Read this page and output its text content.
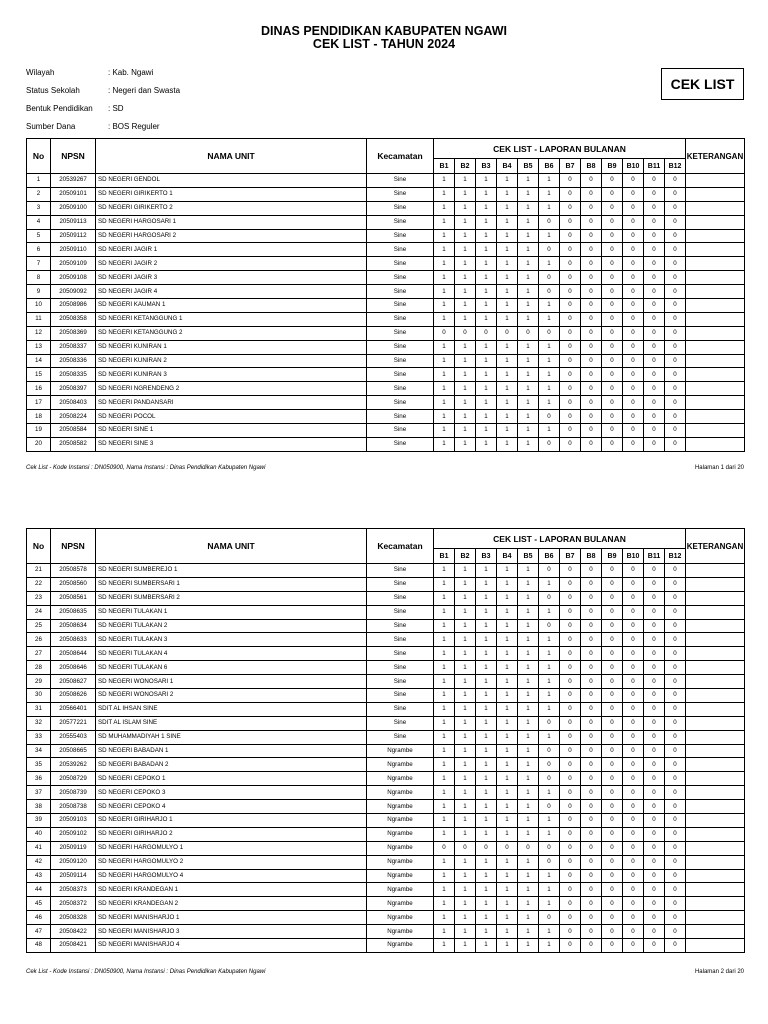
DINAS PENDIDIKAN KABUPATEN NGAWI
CEK LIST - TAHUN 2024
Wilayah	: Kab. Ngawi
Status Sekolah	: Negeri dan Swasta
Bentuk Pendidikan	: SD
Sumber Dana	: BOS Reguler
CEK LIST
No	NPSN	NAMA UNIT	Kecamatan	CEK LIST - LAPORAN BULANAN												KETERANGAN
				B1	B2	B3	B4	B5	B6	B7	B8	B9	B10	B11	B12	
1	20539267	SD NEGERI GENDOL	Sine	1	1	1	1	1	1	0	0	0	0	0	0	
2	20509101	SD NEGERI GIRIKERTO 1	Sine	1	1	1	1	1	1	0	0	0	0	0	0	
3	20509100	SD NEGERI GIRIKERTO 2	Sine	1	1	1	1	1	1	0	0	0	0	0	0	
4	20509113	SD NEGERI HARGOSARI 1	Sine	1	1	1	1	1	0	0	0	0	0	0	0	
5	20509112	SD NEGERI HARGOSARI 2	Sine	1	1	1	1	1	1	0	0	0	0	0	0	
6	20509110	SD NEGERI JAGIR 1	Sine	1	1	1	1	1	0	0	0	0	0	0	0	
7	20509109	SD NEGERI JAGIR 2	Sine	1	1	1	1	1	1	0	0	0	0	0	0	
8	20509108	SD NEGERI JAGIR 3	Sine	1	1	1	1	1	0	0	0	0	0	0	0	
9	20509092	SD NEGERI JAGIR 4	Sine	1	1	1	1	1	0	0	0	0	0	0	0	
10	20508986	SD NEGERI KAUMAN 1	Sine	1	1	1	1	1	1	0	0	0	0	0	0	
11	20508358	SD NEGERI KETANGGUNG 1	Sine	1	1	1	1	1	1	0	0	0	0	0	0	
12	20508369	SD NEGERI KETANGGUNG 2	Sine	0	0	0	0	0	0	0	0	0	0	0	0	
13	20508337	SD NEGERI KUNIRAN 1	Sine	1	1	1	1	1	1	0	0	0	0	0	0	
14	20508336	SD NEGERI KUNIRAN 2	Sine	1	1	1	1	1	1	0	0	0	0	0	0	
15	20508335	SD NEGERI KUNIRAN 3	Sine	1	1	1	1	1	1	0	0	0	0	0	0	
16	20508397	SD NEGERI NGRENDENG 2	Sine	1	1	1	1	1	1	0	0	0	0	0	0	
17	20508403	SD NEGERI PANDANSARI	Sine	1	1	1	1	1	1	0	0	0	0	0	0	
18	20508224	SD NEGERI POCOL	Sine	1	1	1	1	1	0	0	0	0	0	0	0	
19	20508584	SD NEGERI SINE 1	Sine	1	1	1	1	1	1	0	0	0	0	0	0	
20	20508582	SD NEGERI SINE 3	Sine	1	1	1	1	1	0	0	0	0	0	0	0	
Cek List - Kode Instansi : DN050900, Nama Instansi : Dinas Pendidikan Kabupaten Ngawi	Halaman 1 dari 20
No	NPSN	NAMA UNIT	Kecamatan	CEK LIST - LAPORAN BULANAN												KETERANGAN
				B1	B2	B3	B4	B5	B6	B7	B8	B9	B10	B11	B12	
21	20508578	SD NEGERI SUMBEREJO 1	Sine	1	1	1	1	1	0	0	0	0	0	0	0	
22	20508560	SD NEGERI SUMBERSARI 1	Sine	1	1	1	1	1	1	0	0	0	0	0	0	
23	20508561	SD NEGERI SUMBERSARI 2	Sine	1	1	1	1	1	0	0	0	0	0	0	0	
24	20508635	SD NEGERI TULAKAN 1	Sine	1	1	1	1	1	1	0	0	0	0	0	0	
25	20508634	SD NEGERI TULAKAN 2	Sine	1	1	1	1	1	0	0	0	0	0	0	0	
26	20508633	SD NEGERI TULAKAN 3	Sine	1	1	1	1	1	1	0	0	0	0	0	0	
27	20508644	SD NEGERI TULAKAN 4	Sine	1	1	1	1	1	1	0	0	0	0	0	0	
28	20508646	SD NEGERI TULAKAN 6	Sine	1	1	1	1	1	1	0	0	0	0	0	0	
29	20508627	SD NEGERI WONOSARI 1	Sine	1	1	1	1	1	1	0	0	0	0	0	0	
30	20508626	SD NEGERI WONOSARI 2	Sine	1	1	1	1	1	1	0	0	0	0	0	0	
31	20566401	SDIT AL IHSAN SINE	Sine	1	1	1	1	1	1	0	0	0	0	0	0	
32	20577221	SDIT AL ISLAM SINE	Sine	1	1	1	1	1	0	0	0	0	0	0	0	
33	20555403	SD MUHAMMADIYAH 1 SINE	Sine	1	1	1	1	1	1	0	0	0	0	0	0	
34	20508665	SD NEGERI BABADAN 1	Ngrambe	1	1	1	1	1	0	0	0	0	0	0	0	
35	20539262	SD NEGERI BABADAN 2	Ngrambe	1	1	1	1	1	0	0	0	0	0	0	0	
36	20508729	SD NEGERI CEPOKO 1	Ngrambe	1	1	1	1	1	0	0	0	0	0	0	0	
37	20508739	SD NEGERI CEPOKO 3	Ngrambe	1	1	1	1	1	1	0	0	0	0	0	0	
38	20508738	SD NEGERI CEPOKO 4	Ngrambe	1	1	1	1	1	0	0	0	0	0	0	0	
39	20509103	SD NEGERI GIRIHARJO 1	Ngrambe	1	1	1	1	1	1	0	0	0	0	0	0	
40	20509102	SD NEGERI GIRIHARJO 2	Ngrambe	1	1	1	1	1	1	0	0	0	0	0	0	
41	20509119	SD NEGERI HARGOMULYO 1	Ngrambe	0	0	0	0	0	0	0	0	0	0	0	0	
42	20509120	SD NEGERI HARGOMULYO 2	Ngrambe	1	1	1	1	1	0	0	0	0	0	0	0	
43	20509114	SD NEGERI HARGOMULYO 4	Ngrambe	1	1	1	1	1	1	0	0	0	0	0	0	
44	20508373	SD NEGERI KRANDEGAN 1	Ngrambe	1	1	1	1	1	1	0	0	0	0	0	0	
45	20508372	SD NEGERI KRANDEGAN 2	Ngrambe	1	1	1	1	1	1	0	0	0	0	0	0	
46	20508328	SD NEGERI MANISHARJO 1	Ngrambe	1	1	1	1	1	0	0	0	0	0	0	0	
47	20508422	SD NEGERI MANISHARJO 3	Ngrambe	1	1	1	1	1	1	0	0	0	0	0	0	
48	20508421	SD NEGERI MANISHARJO 4	Ngrambe	1	1	1	1	1	1	0	0	0	0	0	0	
Cek List - Kode Instansi : DN050900, Nama Instansi : Dinas Pendidikan Kabupaten Ngawi	Halaman 2 dari 20
